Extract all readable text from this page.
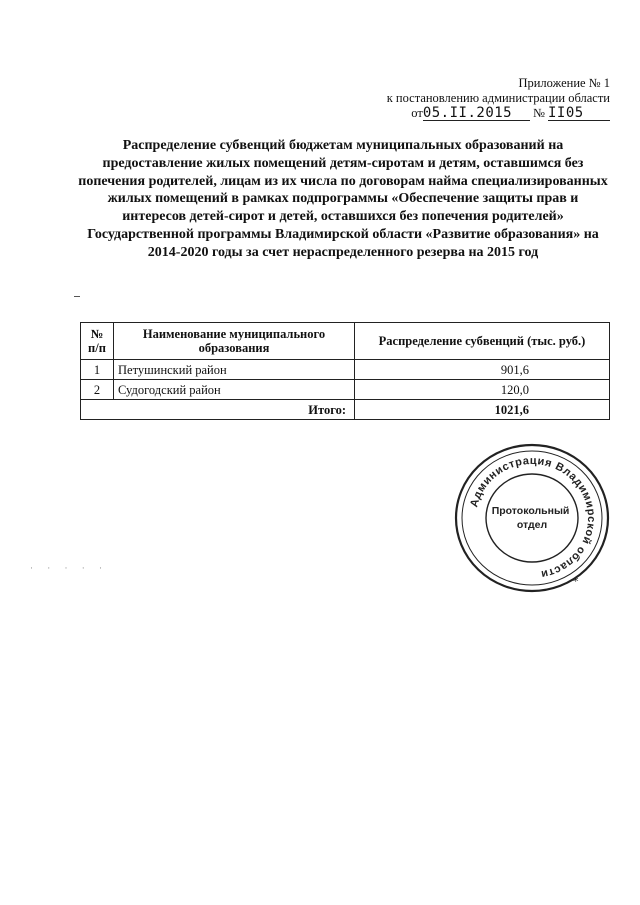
Приложение № 1
к постановлению администрации области
от05.II.2015 № II05
Распределение субвенций бюджетам муниципальных образований на предоставление жилых помещений детям-сиротам и детям, оставшимся без попечения родителей, лицам из их числа по договорам найма специализированных жилых помещений в рамках подпрограммы «Обеспечение защиты прав и интересов детей-сирот и детей, оставшихся без попечения родителей» Государственной программы Владимирской области «Развитие образования» на 2014-2020 годы за счет нераспределенного резерва на 2015 год
№ п/п	Наименование муниципального образования	Распределение субвенций (тыс. руб.)
1	Петушинский район	901,6
2	Судогодский район	120,0
Итого:		1021,6
· · · · ·
Администрация Владимирской области
*
Протокольный отдел
